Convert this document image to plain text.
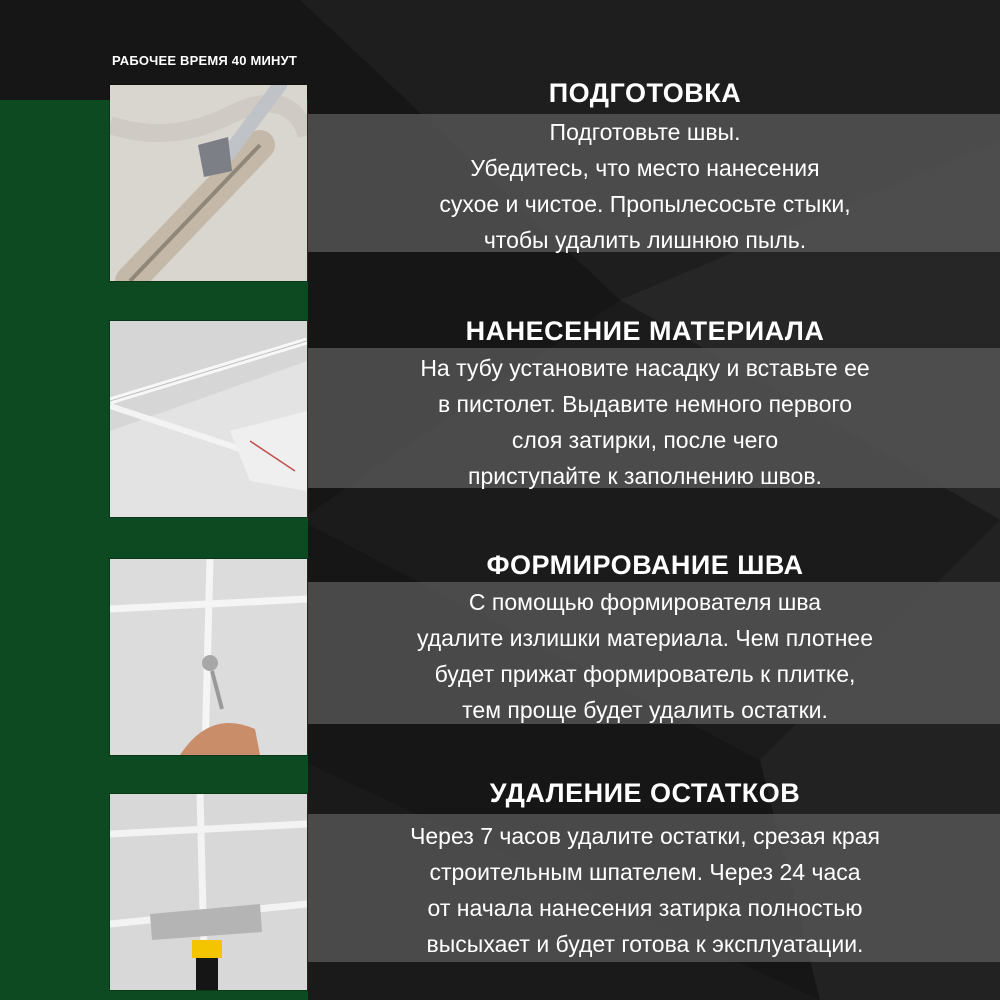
РАБОЧЕЕ ВРЕМЯ 40 МИНУТ
ПОДГОТОВКА
Подготовьте швы.
Убедитесь, что место нанесения
сухое и чистое. Пропылесосьте стыки,
чтобы удалить лишнюю пыль.
НАНЕСЕНИЕ МАТЕРИАЛА
На тубу установите насадку и вставьте ее
в пистолет. Выдавите немного первого
слоя затирки, после чего
приступайте к заполнению швов.
ФОРМИРОВАНИЕ ШВА
С помощью формирователя шва
удалите излишки материала. Чем плотнее
будет прижат формирователь к плитке,
тем проще будет удалить остатки.
УДАЛЕНИЕ ОСТАТКОВ
Через 7 часов удалите остатки, срезая края
строительным шпателем. Через 24 часа
от начала нанесения затирка полностью
высыхает и будет готова к эксплуатации.
